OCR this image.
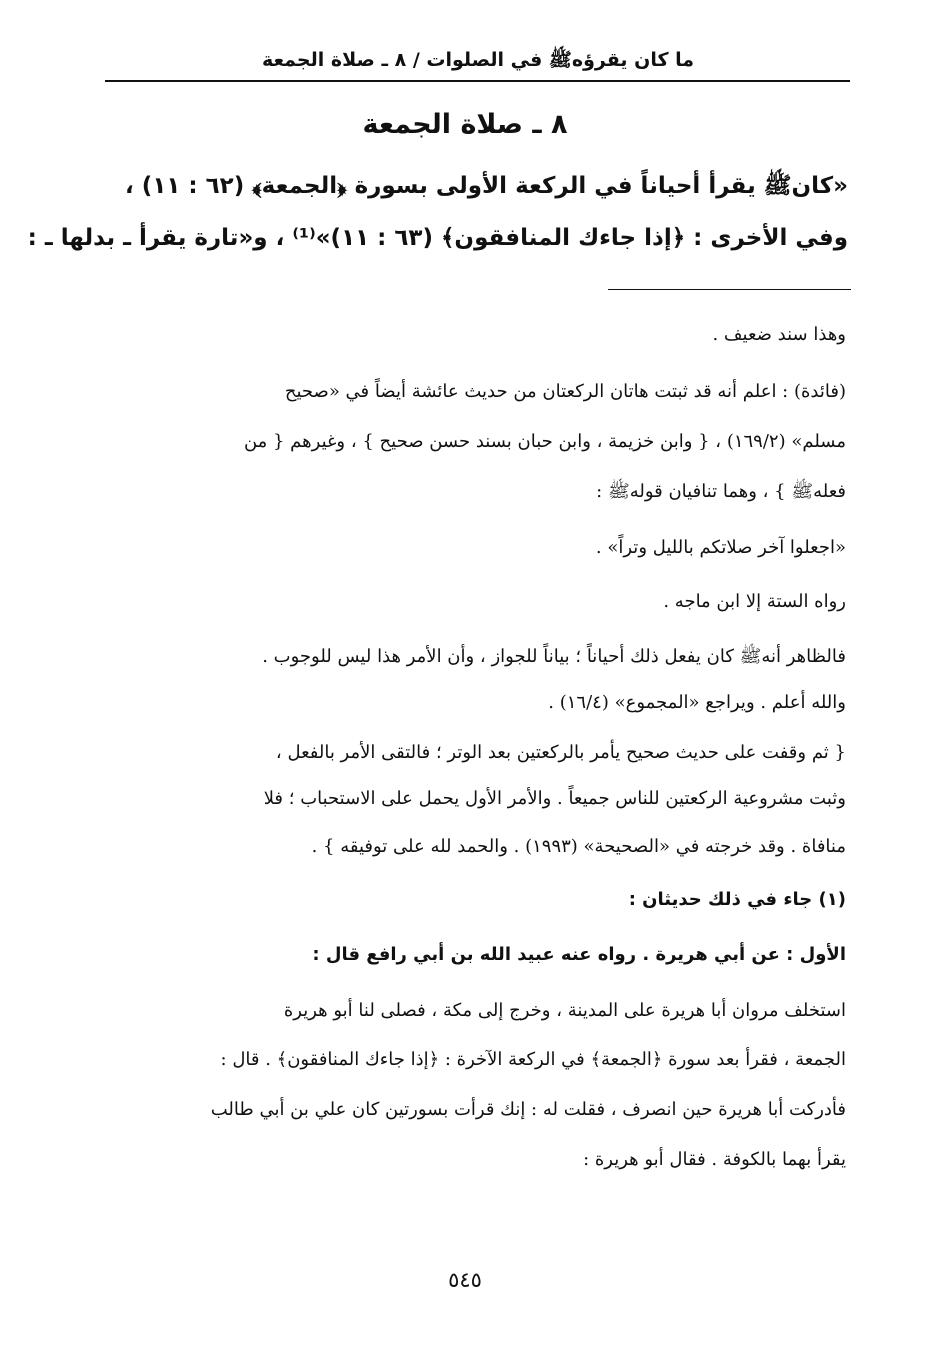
ما كان يقرؤهﷺ في الصلوات / ٨ ـ صلاة الجمعة
٨ ـ صلاة الجمعة
«كانﷺ يقرأ أحياناً في الركعة الأولى بسورة ﴿الجمعة﴾ (٦٢ : ١١) ،
وفي الأخرى : ﴿إذا جاءك المنافقون﴾ (٦٣ : ١١)»⁽¹⁾ ، و«تارة يقرأ ـ بدلها ـ :
وهذا سند ضعيف .
(فائدة) : اعلم أنه قد ثبتت هاتان الركعتان من حديث عائشة أيضاً في «صحيح
مسلم» (١٦٩/٢) ، { وابن خزيمة ، وابن حبان بسند حسن صحيح } ، وغيرهم { من
فعلهﷺ } ، وهما تنافيان قولهﷺ :
«اجعلوا آخر صلاتكم بالليل وتراً» .
رواه الستة إلا ابن ماجه .
فالظاهر أنهﷺ كان يفعل ذلك أحياناً ؛ بياناً للجواز ، وأن الأمر هذا ليس للوجوب .
والله أعلم . ويراجع «المجموع» (١٦/٤) .
{ ثم وقفت على حديث صحيح يأمر بالركعتين بعد الوتر ؛ فالتقى الأمر بالفعل ،
وثبت مشروعية الركعتين للناس جميعاً . والأمر الأول يحمل على الاستحباب ؛ فلا
منافاة . وقد خرجته في «الصحيحة» (١٩٩٣) . والحمد لله على توفيقه } .
(١) جاء في ذلك حديثان :
الأول : عن أبي هريرة . رواه عنه عبيد الله بن أبي رافع قال :
استخلف مروان أبا هريرة على المدينة ، وخرج إلى مكة ، فصلى لنا أبو هريرة
الجمعة ، فقرأ بعد سورة ﴿الجمعة﴾ في الركعة الآخرة : ﴿إذا جاءك المنافقون﴾ . قال :
فأدركت أبا هريرة حين انصرف ، فقلت له : إنك قرأت بسورتين كان علي بن أبي طالب
يقرأ بهما بالكوفة . فقال أبو هريرة :
٥٤٥
